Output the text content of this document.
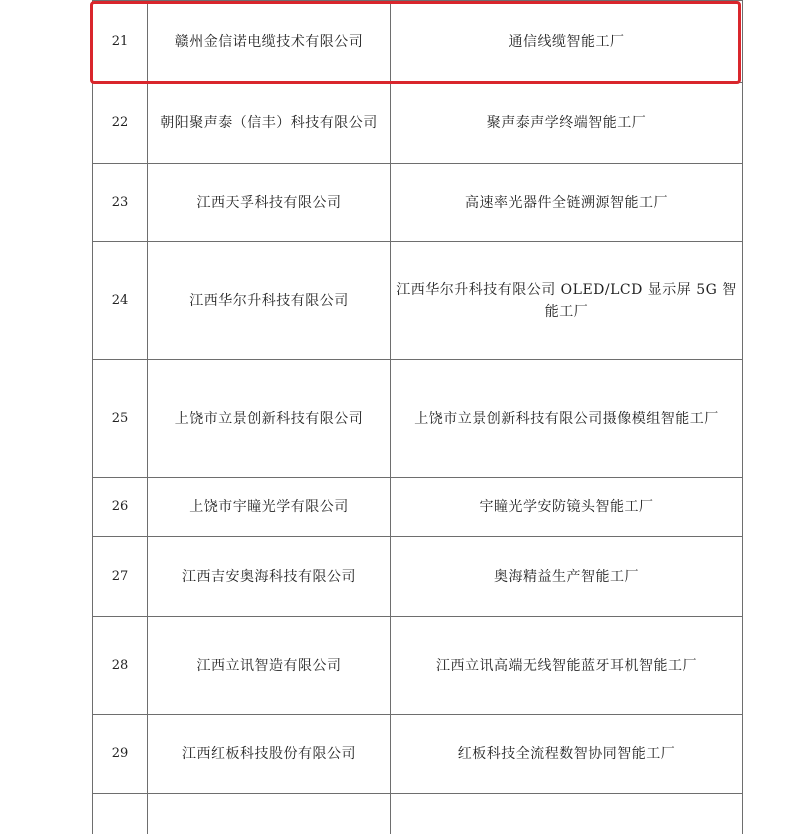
21	赣州金信诺电缆技术有限公司	通信线缆智能工厂
22	朝阳聚声泰（信丰）科技有限公司	聚声泰声学终端智能工厂
23	江西天孚科技有限公司	高速率光器件全链溯源智能工厂
24	江西华尔升科技有限公司	江西华尔升科技有限公司 OLED/LCD 显示屏 5G 智能工厂
25	上饶市立景创新科技有限公司	上饶市立景创新科技有限公司摄像模组智能工厂
26	上饶市宇瞳光学有限公司	宇瞳光学安防镜头智能工厂
27	江西吉安奥海科技有限公司	奥海精益生产智能工厂
28	江西立讯智造有限公司	江西立讯高端无线智能蓝牙耳机智能工厂
29	江西红板科技股份有限公司	红板科技全流程数智协同智能工厂
